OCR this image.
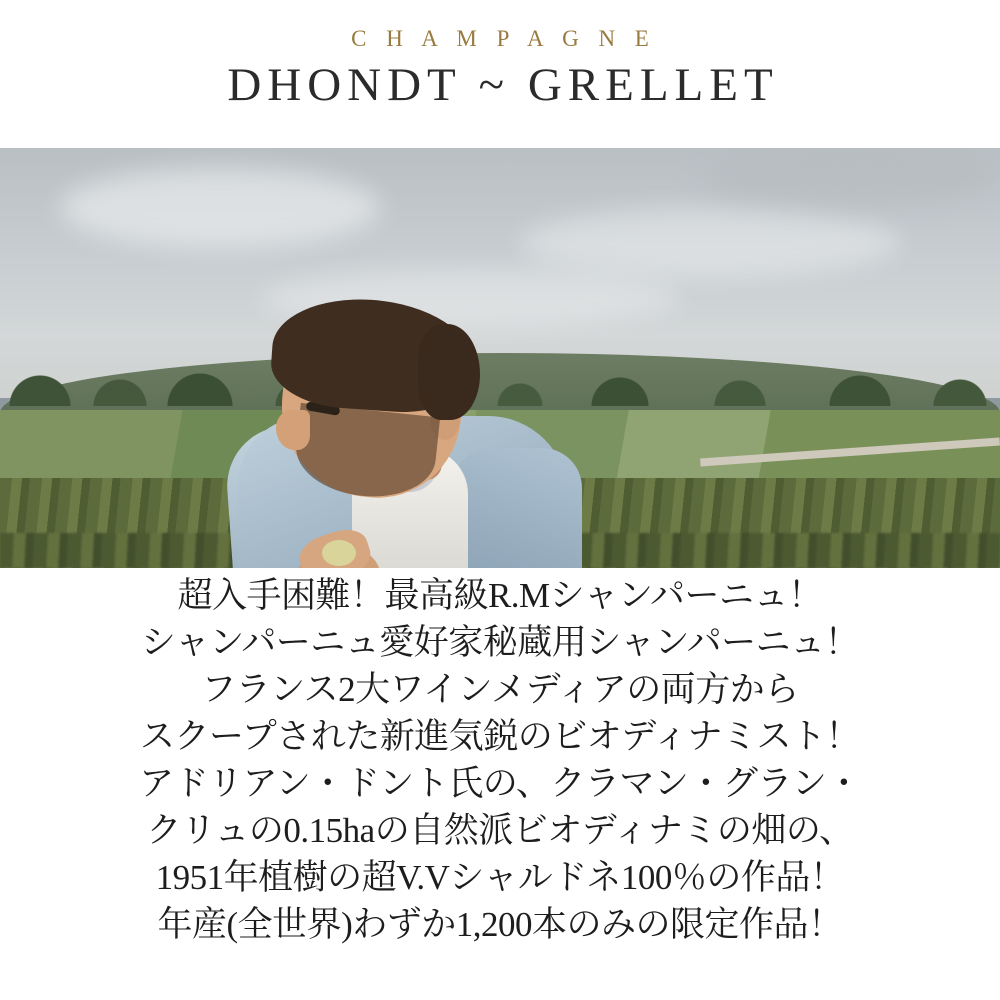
C H A M P A G N E
DHONDT ~ GRELLET
超入手困難！最高級R.Mシャンパーニュ！
シャンパーニュ愛好家秘蔵用シャンパーニュ！
フランス2大ワインメディアの両方から
スクープされた新進気鋭のビオディナミスト！
アドリアン・ドント氏の、クラマン・グラン・
クリュの0.15haの自然派ビオディナミの畑の、
1951年植樹の超V.Vシャルドネ100％の作品！
年産(全世界)わずか1,200本のみの限定作品！
